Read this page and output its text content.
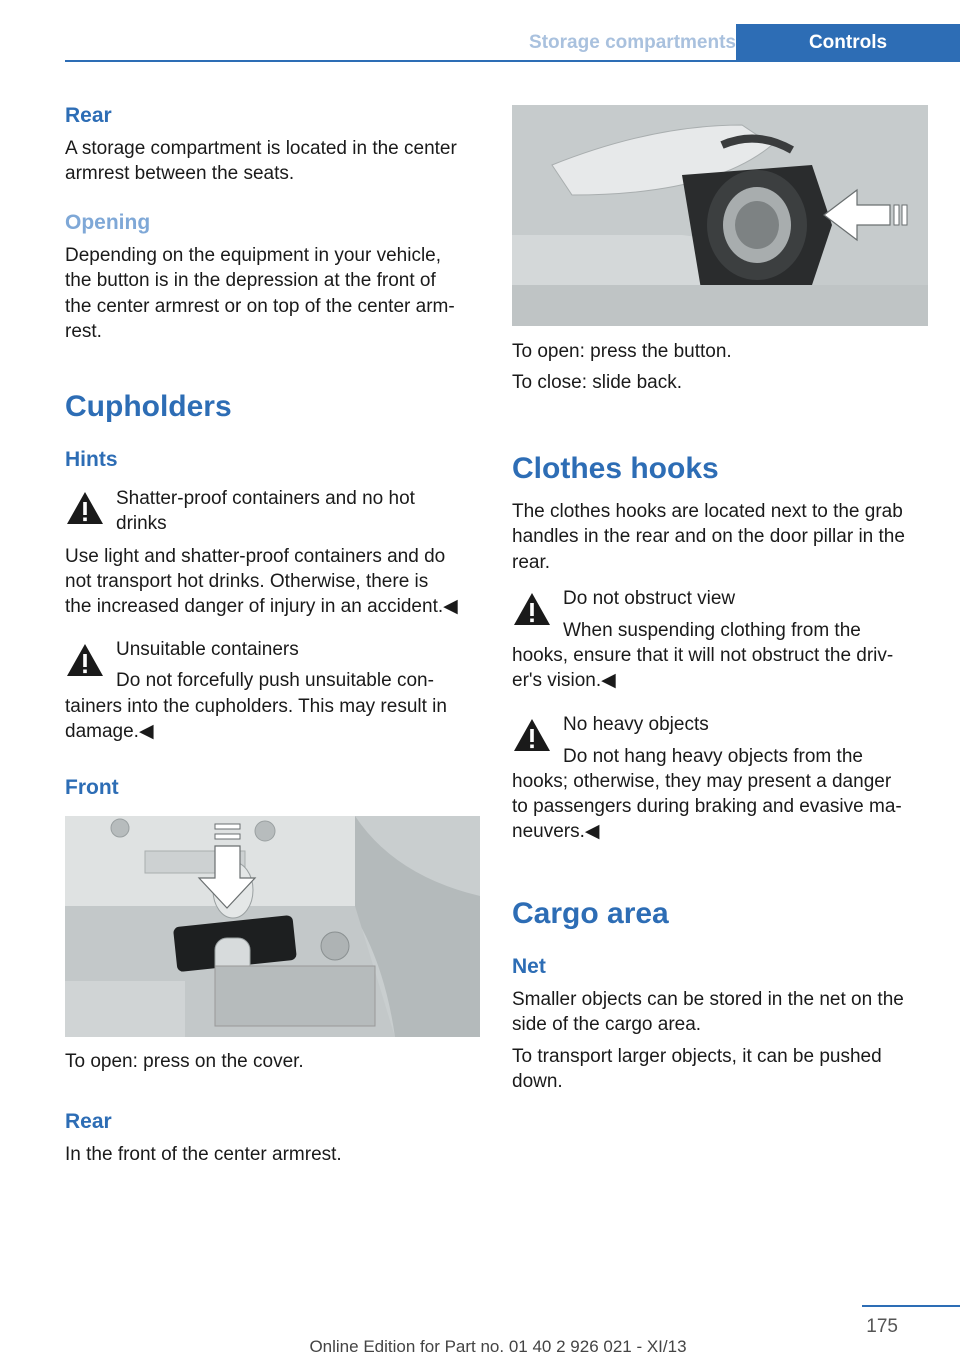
Storage compartments	Controls
Rear

A storage compartment is located in the center

armrest between the seats.

Opening

Depending on the equipment in your vehicle,

the button is in the depression at the front of

the center armrest or on top of the center arm‐

rest.

Cupholders
Hints

Shatter-proof containers and no hot

drinks

Use light and shatter-proof containers and do

not transport hot drinks. Otherwise, there is

the increased danger of injury in an accident.◀

Unsuitable containers

Do not forcefully push unsuitable con‐

tainers into the cupholders. This may result in

damage.◀

Front

To open: press on the cover.

Rear

In the front of the center armrest.

To open: press the button.

To close: slide back.

Clothes hooks

The clothes hooks are located next to the grab

handles in the rear and on the door pillar in the

rear.

Do not obstruct view

When suspending clothing from the

hooks, ensure that it will not obstruct the driv‐

er's vision.◀

No heavy objects

Do not hang heavy objects from the

hooks; otherwise, they may present a danger

to passengers during braking and evasive ma‐

neuvers.◀

Cargo area
Net

Smaller objects can be stored in the net on the

side of the cargo area.

To transport larger objects, it can be pushed

down.

175
Online Edition for Part no. 01 40 2 926 021 - XI/13
